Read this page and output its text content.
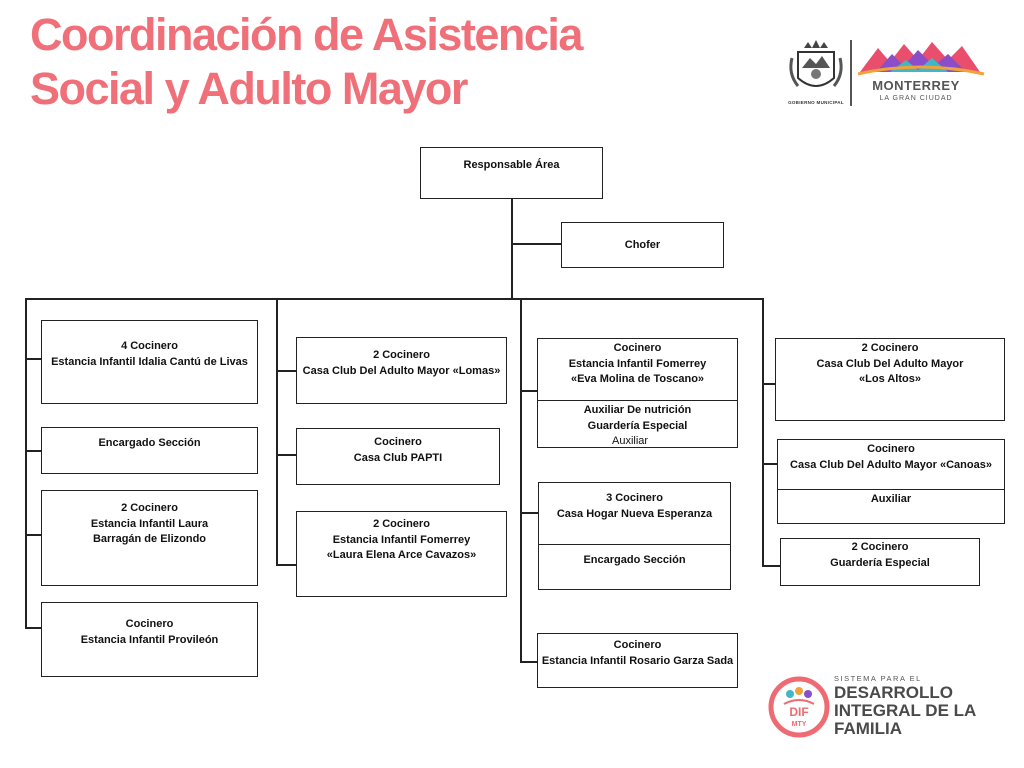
Coordinación de Asistencia
Social y Adulto Mayor	GOBIERNO MUNICIPAL
MONTERREY
LA GRAN CIUDAD
Responsable Área
Chofer
4 Cocinero
Estancia Infantil Idalia Cantú de Livas
Encargado Sección
2 Cocinero
Estancia Infantil Laura
Barragán de Elizondo
Cocinero
Estancia Infantil Provileón
2 Cocinero
Casa Club Del Adulto Mayor «Lomas»
Cocinero
Casa Club PAPTI
2 Cocinero
Estancia Infantil Fomerrey
«Laura Elena Arce Cavazos»
Cocinero
Estancia Infantil Fomerrey
«Eva Molina de Toscano»
Auxiliar De nutrición
Guardería Especial
Auxiliar
3 Cocinero
Casa Hogar Nueva Esperanza
Encargado Sección
Cocinero
Estancia Infantil Rosario Garza Sada
2 Cocinero
Casa Club Del Adulto Mayor
«Los Altos»
Cocinero
Casa Club Del Adulto Mayor «Canoas»
Auxiliar
2 Cocinero
Guardería Especial
DIF
MTY
SISTEMA PARA EL
DESARROLLO
INTEGRAL DE LA
FAMILIA
